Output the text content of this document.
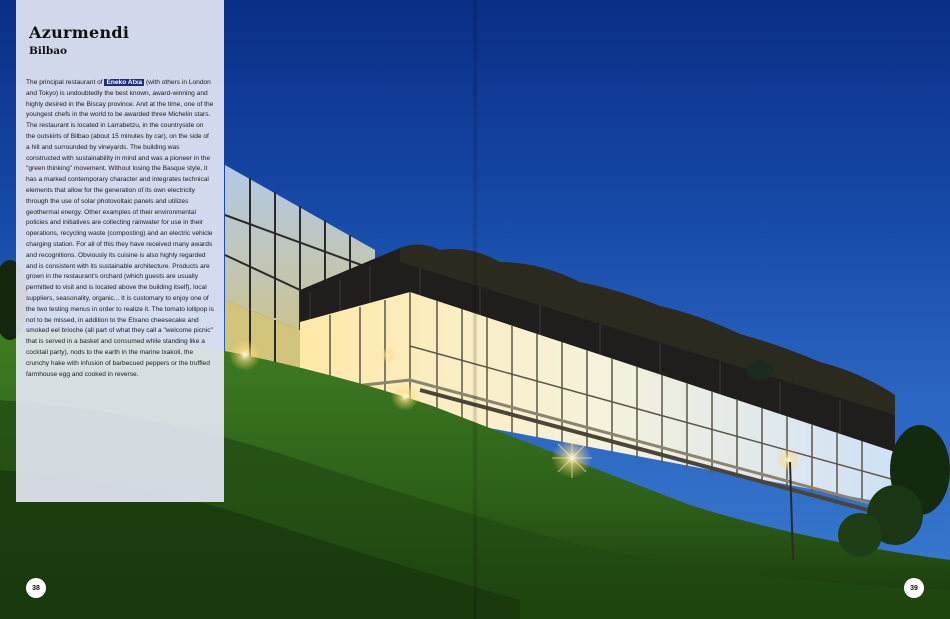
Azurmendi
Bilbao
The principal restaurant of Eneko Atxa (with others in London and Tokyo) is undoubtedly the best known, award-winning and highly desired in the Biscay province. And at the time, one of the youngest chefs in the world to be awarded three Michelin stars. The restaurant is located in Larrabetzu, in the countryside on the outskirts of Bilbao (about 15 minutes by car), on the side of a hill and surrounded by vineyards. The building was constructed with sustainability in mind and was a pioneer in the "green thinking" movement. Without losing the Basque style, it has a marked contemporary character and integrates technical elements that allow for the generation of its own electricity through the use of solar photovoltaic panels and utilizes geothermal energy. Other examples of their environmental policies and initiatives are collecting rainwater for use in their operations, recycling waste (composting) and an electric vehicle charging station. For all of this they have received many awards and recognitions. Obviously its cuisine is also highly regarded and is consistent with its sustainable architecture. Products are grown in the restaurant's orchard (which guests are usually permitted to visit and is located above the building itself), local suppliers, seasonality, organic... It is customary to enjoy one of the two testing menus in order to realize it. The tomato lollipop is not to be missed, in addition to the Etxano cheesecake and smoked eel brioche (all part of what they call a "welcome picnic" that is served in a basket and consumed while standing like a cocktail party), nods to the earth in the marine txakoli, the crunchy hake with infusion of barbecued peppers or the truffled farmhouse egg and cooked in reverse.
38	39
